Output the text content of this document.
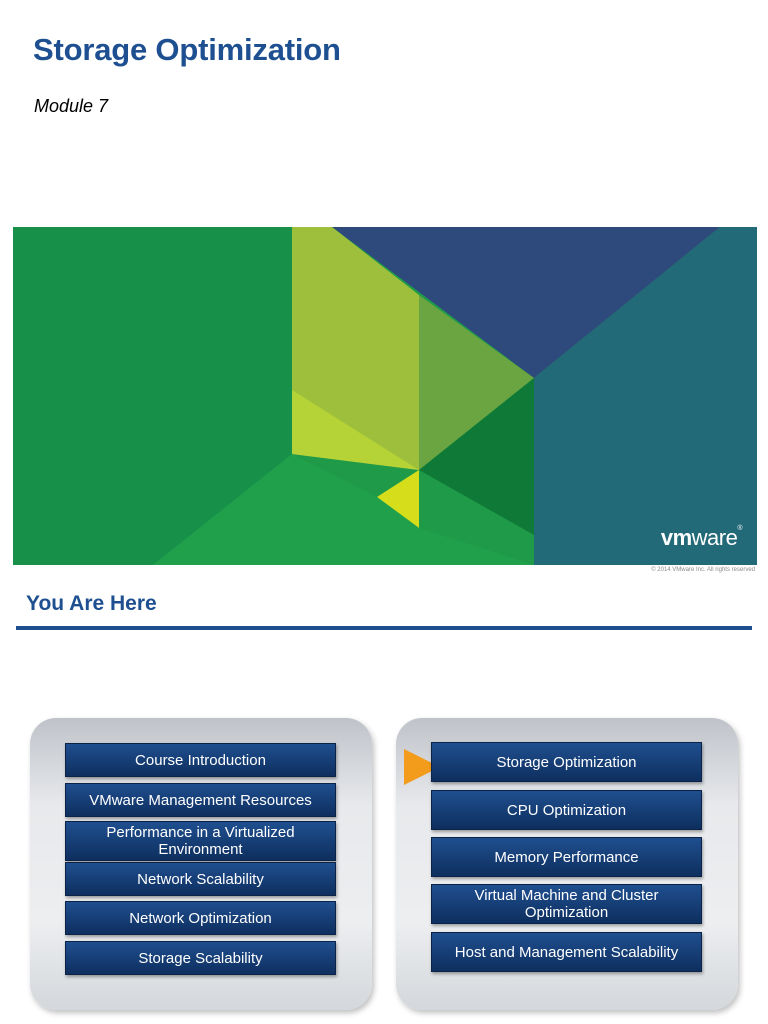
Storage Optimization
Module 7
vmware®
© 2014 VMware Inc. All rights reserved
You Are Here
Course Introduction
VMware Management Resources
Performance in a Virtualized Environment
Network Scalability
Network Optimization
Storage Scalability
Storage Optimization
CPU Optimization
Memory Performance
Virtual Machine and Cluster Optimization
Host and Management Scalability
